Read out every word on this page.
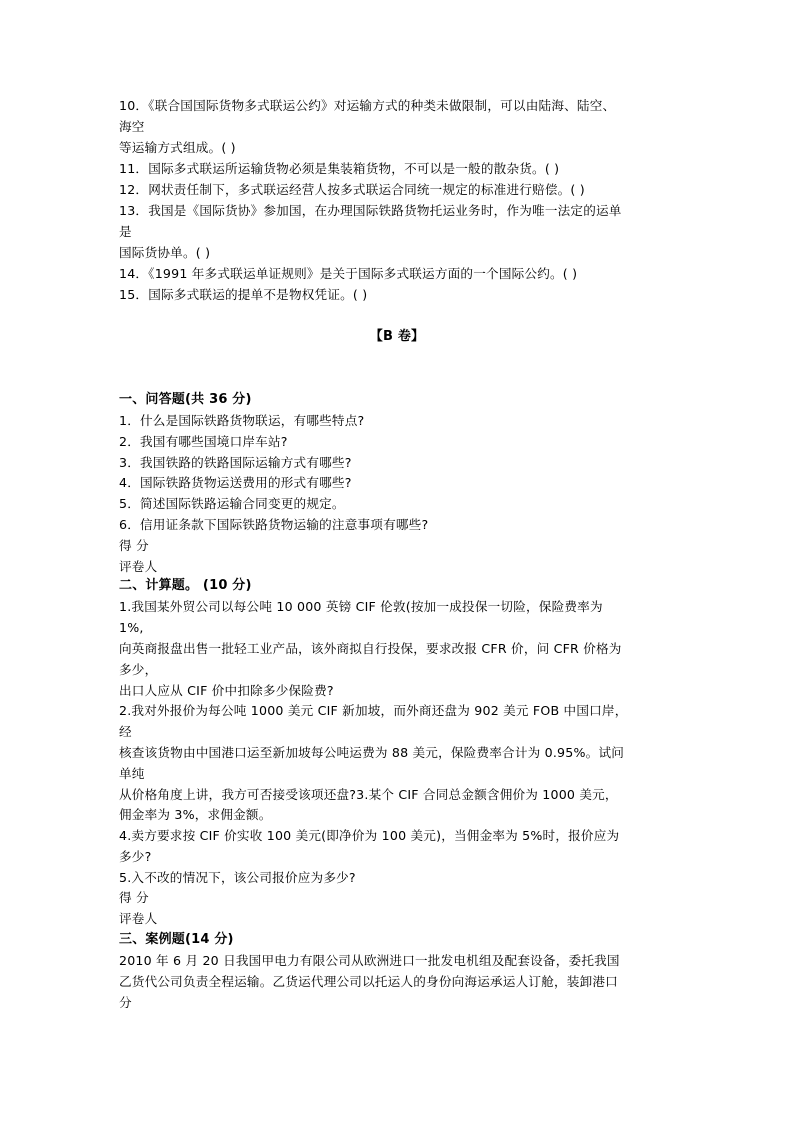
10．《联合国国际货物多式联运公约》对运输方式的种类未做限制，可以由陆海、陆空、
海空
等运输方式组成。( )
11．国际多式联运所运输货物必须是集装箱货物，不可以是一般的散杂货。( )
12．网状责任制下，多式联运经营人按多式联运合同统一规定的标准进行赔偿。( )
13．我国是《国际货协》参加国，在办理国际铁路货物托运业务时，作为唯一法定的运单
是
国际货协单。( )
14．《1991 年多式联运单证规则》是关于国际多式联运方面的一个国际公约。( )
15．国际多式联运的提单不是物权凭证。( )
【B 卷】
一、问答题(共 36 分)
1．什么是国际铁路货物联运，有哪些特点?
2．我国有哪些国境口岸车站?
3．我国铁路的铁路国际运输方式有哪些?
4．国际铁路货物运送费用的形式有哪些?
5．简述国际铁路运输合同变更的规定。
6．信用证条款下国际铁路货物运输的注意事项有哪些?
得 分
评卷人
二、计算题。 (10 分)
1.我国某外贸公司以每公吨 10 000 英镑 CIF 伦敦(按加一成投保一切险，保险费率为
1%,
向英商报盘出售一批轻工业产品，该外商拟自行投保，要求改报 CFR 价，问 CFR 价格为
多少，
出口人应从 CIF 价中扣除多少保险费?
2.我对外报价为每公吨 1000 美元 CIF 新加坡，而外商还盘为 902 美元 FOB 中国口岸，
经
核查该货物由中国港口运至新加坡每公吨运费为 88 美元，保险费率合计为 0.95%。试问
单纯
从价格角度上讲，我方可否接受该项还盘?3.某个 CIF 合同总金额含佣价为 1000 美元，
佣金率为 3%，求佣金额。
4.卖方要求按 CIF 价实收 100 美元(即净价为 100 美元)，当佣金率为 5%时，报价应为
多少?
5.入不改的情况下，该公司报价应为多少?
得 分
评卷人
三、案例题(14 分)
2010 年 6 月 20 日我国甲电力有限公司从欧洲进口一批发电机组及配套设备，委托我国
乙货代公司负责全程运输。乙货运代理公司以托运人的身份向海运承运人订舱，装卸港口
分
